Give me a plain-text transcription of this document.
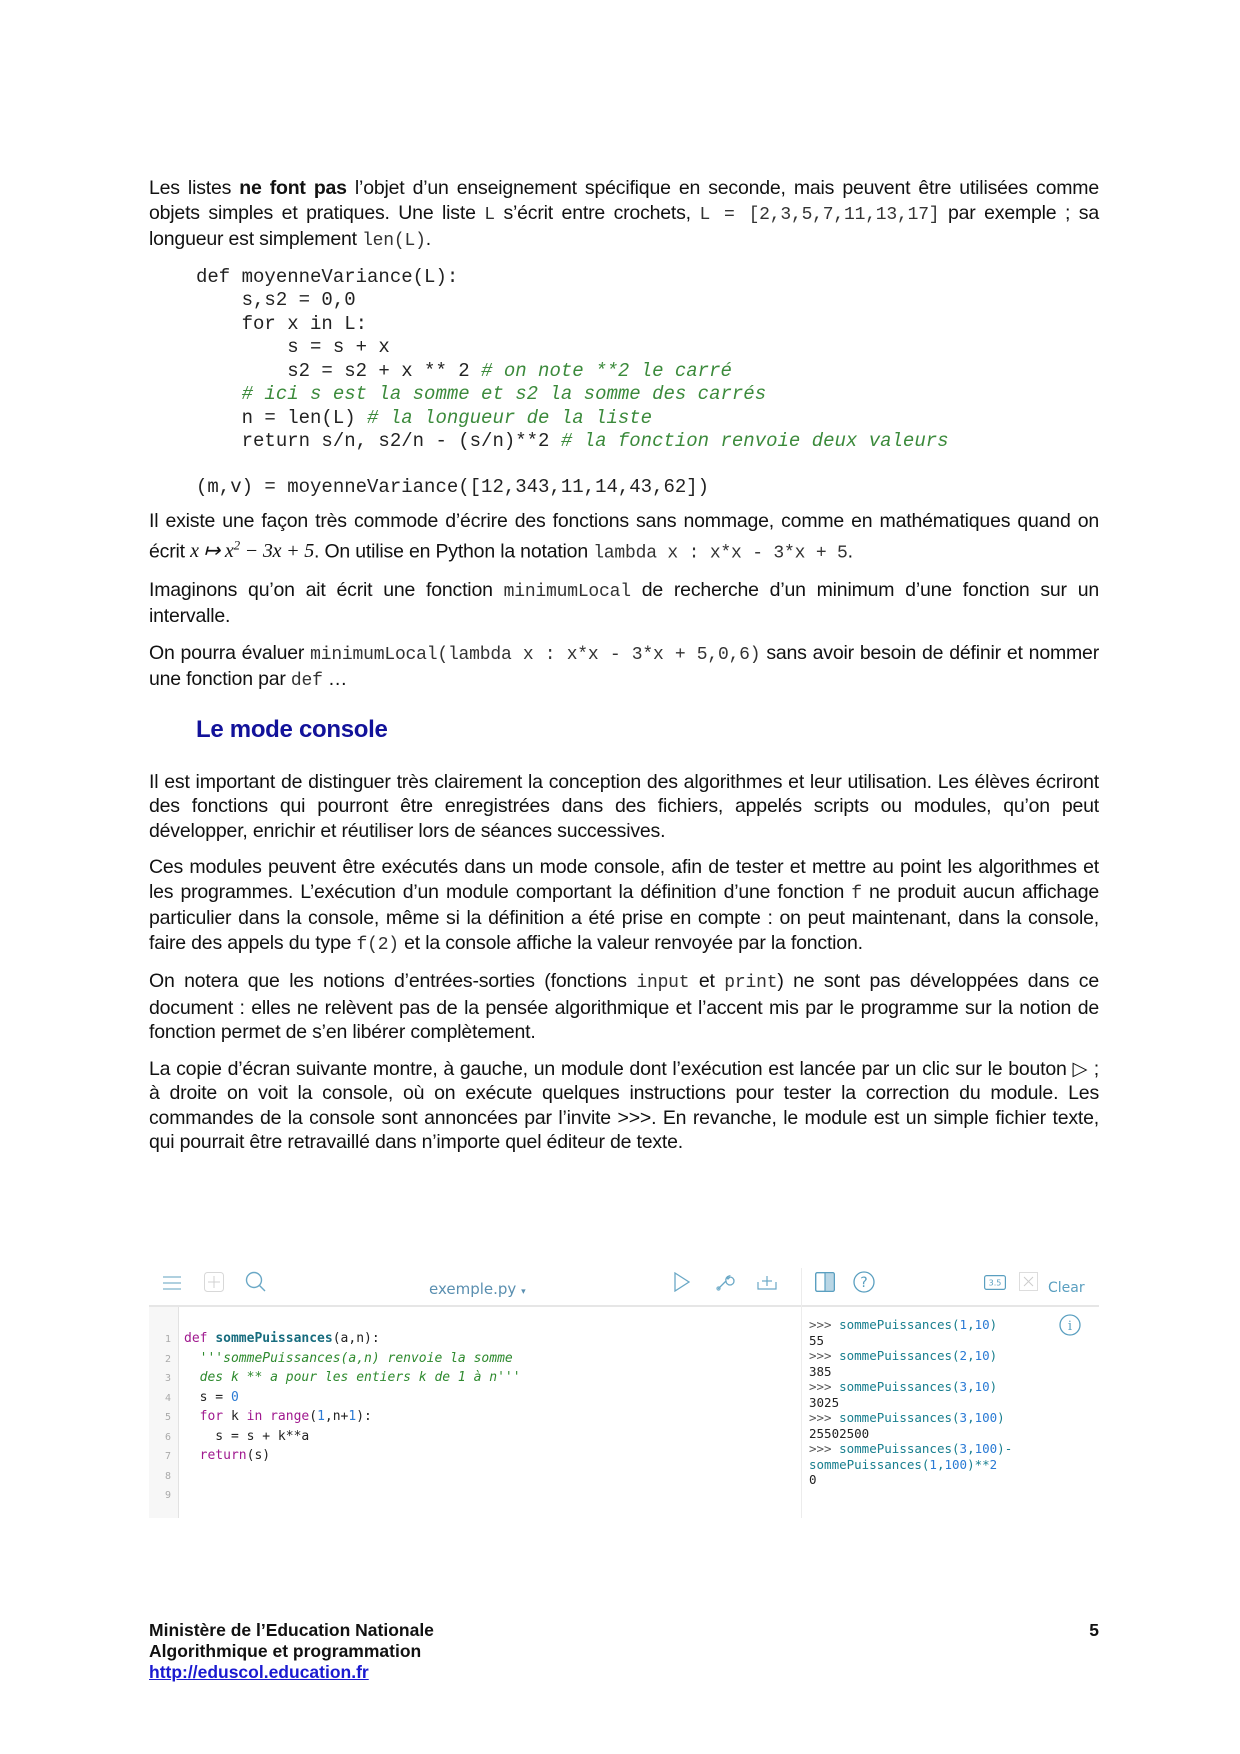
Les listes ne font pas l’objet d’un enseignement spécifique en seconde, mais peuvent être utilisées comme objets simples et pratiques. Une liste L s’écrit entre crochets, L = [2,3,5,7,11,13,17] par exemple ; sa longueur est simplement len(L).

def moyenneVariance(L):
s,s2 = 0,0
for x in L:
s = s + x
s2 = s2 + x ** 2 # on note **2 le carré
# ici s est la somme et s2 la somme des carrés
n = len(L) # la longueur de la liste
return s/n, s2/n - (s/n)**2 # la fonction renvoie deux valeurs
(m,v) = moyenneVariance([12,343,11,14,43,62])

Il existe une façon très commode d’écrire des fonctions sans nommage, comme en mathématiques quand on écrit x ↦ $x^2 - 3x + 5$. On utilise en Python la notation lambda x : x*x - 3*x + 5.

Imaginons qu’on ait écrit une fonction minimumLocal de recherche d’un minimum d’une fonction sur un intervalle.

On pourra évaluer minimumLocal(lambda x : x*x - 3*x + 5,0,6) sans avoir besoin de définir et nommer une fonction par def …

Le mode console

Il est important de distinguer très clairement la conception des algorithmes et leur utilisation. Les élèves écriront des fonctions qui pourront être enregistrées dans des fichiers, appelés scripts ou modules, qu’on peut développer, enrichir et réutiliser lors de séances successives.

Ces modules peuvent être exécutés dans un mode console, afin de tester et mettre au point les algorithmes et les programmes. L’exécution d’un module comportant la définition d’une fonction f ne produit aucun affichage particulier dans la console, même si la définition a été prise en compte : on peut maintenant, dans la console, faire des appels du type f(2) et la console affiche la valeur renvoyée par la fonction.

On notera que les notions d’entrées-sorties (fonctions input et print) ne sont pas développées dans ce document : elles ne relèvent pas de la pensée algorithmique et l’accent mis par le programme sur la notion de fonction permet de s’en libérer complètement.

La copie d’écran suivante montre, à gauche, un module dont l’exécution est lancée par un clic sur le bouton ▷ ; à droite on voit la console, où on exécute quelques instructions pour tester la correction du module. Les commandes de la console sont annoncées par l’invite >>>. En revanche, le module est un simple fichier texte, qui pourrait être retravaillé dans n’importe quel éditeur de texte.

exemple.py ▾
?	3.5	Clear
1 def sommePuissances(a,n):
2 '''sommePuissances(a,n) renvoie la somme
3 des k ** a pour les entiers k de 1 à n'''
4  s = 0
5 for k in range(1,n+1):
6    s = s + k**a
7 return(s)
8
9
i
>>> sommePuissances(1,10)
55
>>> sommePuissances(2,10)
385
>>> sommePuissances(3,10)
3025
>>> sommePuissances(3,100)
25502500
>>> sommePuissances(3,100)-
sommePuissances(1,100)**2
0
Ministère de l’Education Nationale
Algorithmique et programmation
http://eduscol.education.fr
5
